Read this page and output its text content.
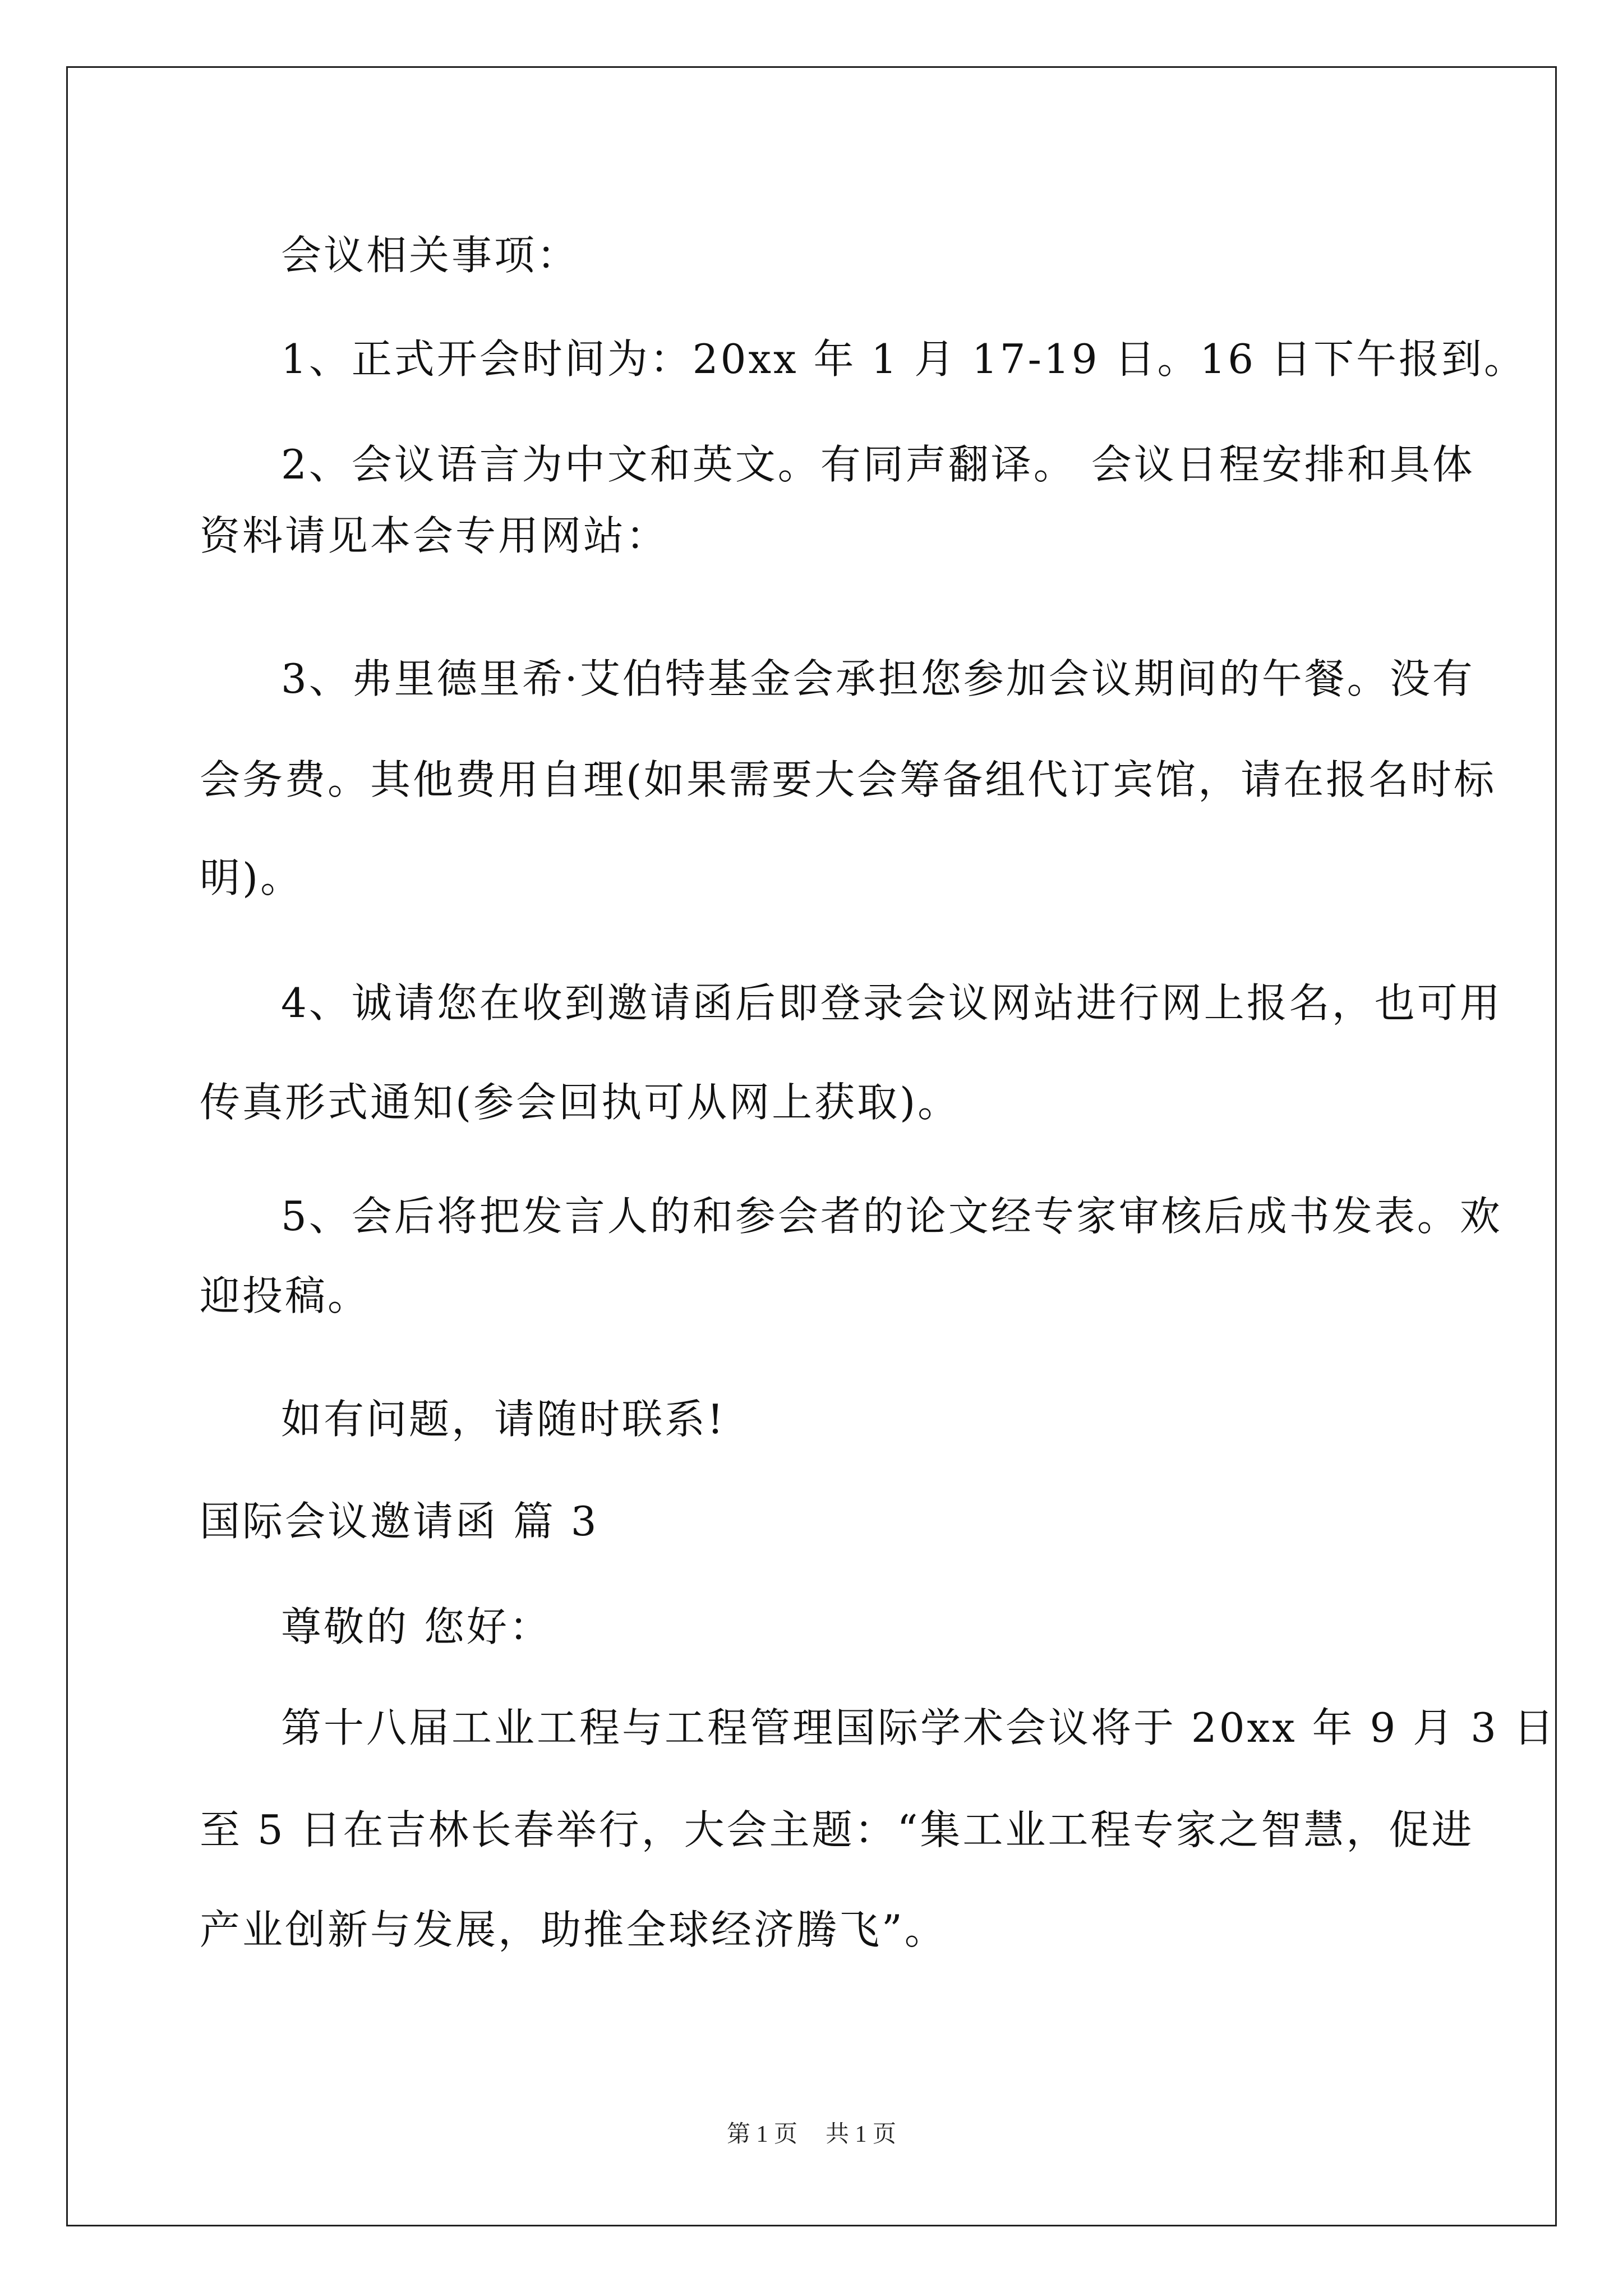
会议相关事项：
1、正式开会时间为：20xx 年 1 月 17-19 日。16 日下午报到。
2、会议语言为中文和英文。有同声翻译。 会议日程安排和具体
资料请见本会专用网站：
3、弗里德里希·艾伯特基金会承担您参加会议期间的午餐。没有
会务费。其他费用自理(如果需要大会筹备组代订宾馆，请在报名时标
明)。
4、诚请您在收到邀请函后即登录会议网站进行网上报名，也可用
传真形式通知(参会回执可从网上获取)。
5、会后将把发言人的和参会者的论文经专家审核后成书发表。欢
迎投稿。
如有问题，请随时联系!
国际会议邀请函 篇 3
尊敬的 您好：
第十八届工业工程与工程管理国际学术会议将于 20xx 年 9 月 3 日
至 5 日在吉林长春举行，大会主题：“集工业工程专家之智慧，促进
产业创新与发展，助推全球经济腾飞”。
第 1 页 共 1 页
